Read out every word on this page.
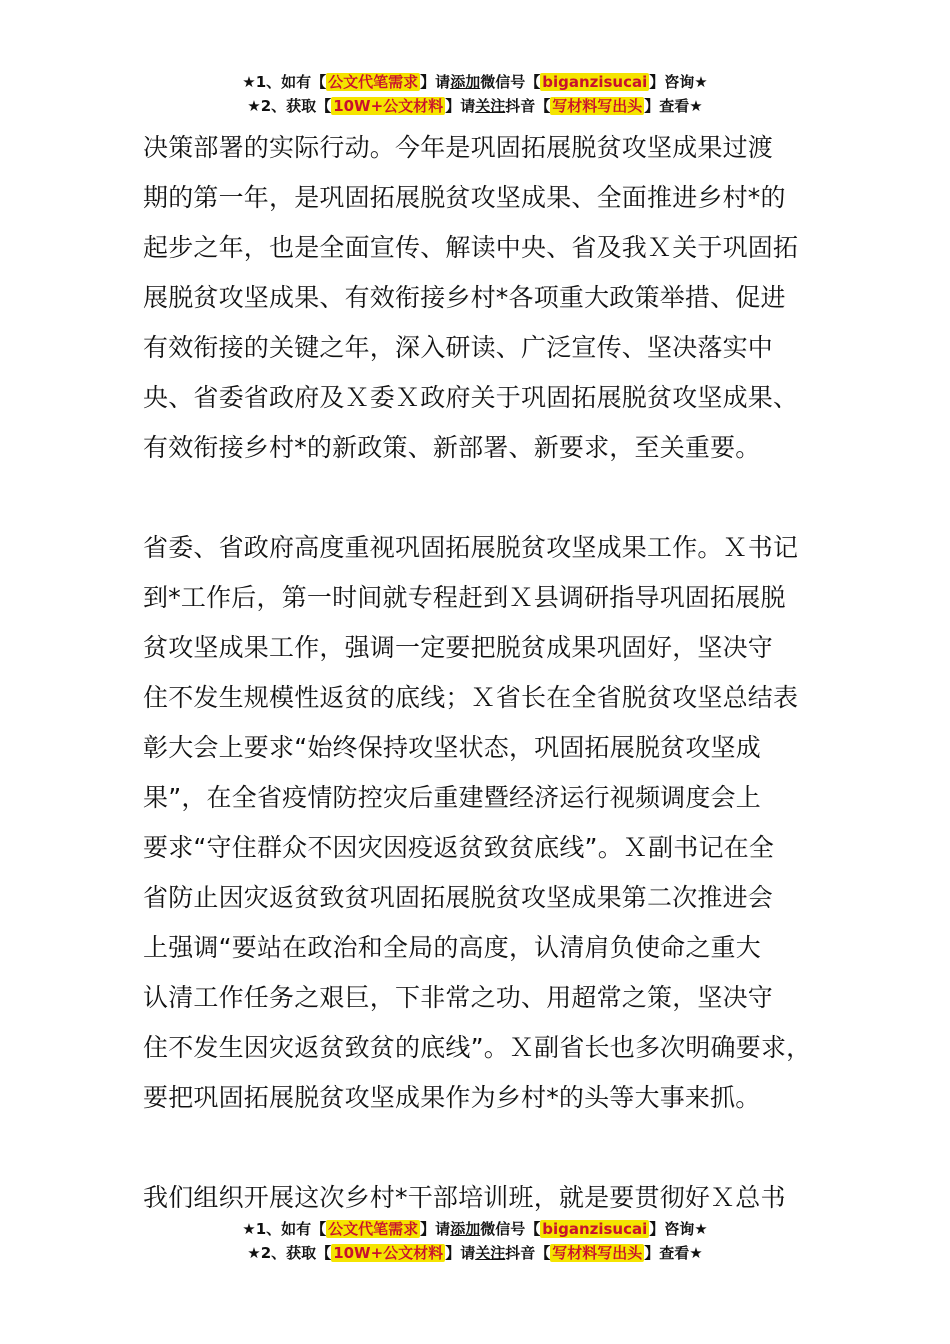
★1、如有【 公文代笔需求 】请添加微信号【 biganzisucai 】咨询★
★2、获取【 10W+公文材料 】请关注抖音【 写材料写出头 】查看★
决策部署的实际行动。今年是巩固拓展脱贫攻坚成果过渡
期的第一年，是巩固拓展脱贫攻坚成果、全面推进乡村*的
起步之年，也是全面宣传、解读中央、省及我Ｘ关于巩固拓
展脱贫攻坚成果、有效衔接乡村*各项重大政策举措、促进
有效衔接的关键之年，深入研读、广泛宣传、坚决落实中
央、省委省政府及Ｘ委Ｘ政府关于巩固拓展脱贫攻坚成果、
有效衔接乡村*的新政策、新部署、新要求，至关重要。
省委、省政府高度重视巩固拓展脱贫攻坚成果工作。Ｘ书记
到*工作后，第一时间就专程赶到Ｘ县调研指导巩固拓展脱
贫攻坚成果工作，强调一定要把脱贫成果巩固好，坚决守
住不发生规模性返贫的底线；Ｘ省长在全省脱贫攻坚总结表
彰大会上要求“始终保持攻坚状态，巩固拓展脱贫攻坚成
果”，在全省疫情防控灾后重建暨经济运行视频调度会上
要求“守住群众不因灾因疫返贫致贫底线”。Ｘ副书记在全
省防止因灾返贫致贫巩固拓展脱贫攻坚成果第二次推进会
上强调“要站在政治和全局的高度，认清肩负使命之重大
认清工作任务之艰巨，下非常之功、用超常之策，坚决守
住不发生因灾返贫致贫的底线”。Ｘ副省长也多次明确要求，
要把巩固拓展脱贫攻坚成果作为乡村*的头等大事来抓。
我们组织开展这次乡村*干部培训班，就是要贯彻好Ｘ总书
★1、如有【 公文代笔需求 】请添加微信号【 biganzisucai 】咨询★
★2、获取【 10W+公文材料 】请关注抖音【 写材料写出头 】查看★
